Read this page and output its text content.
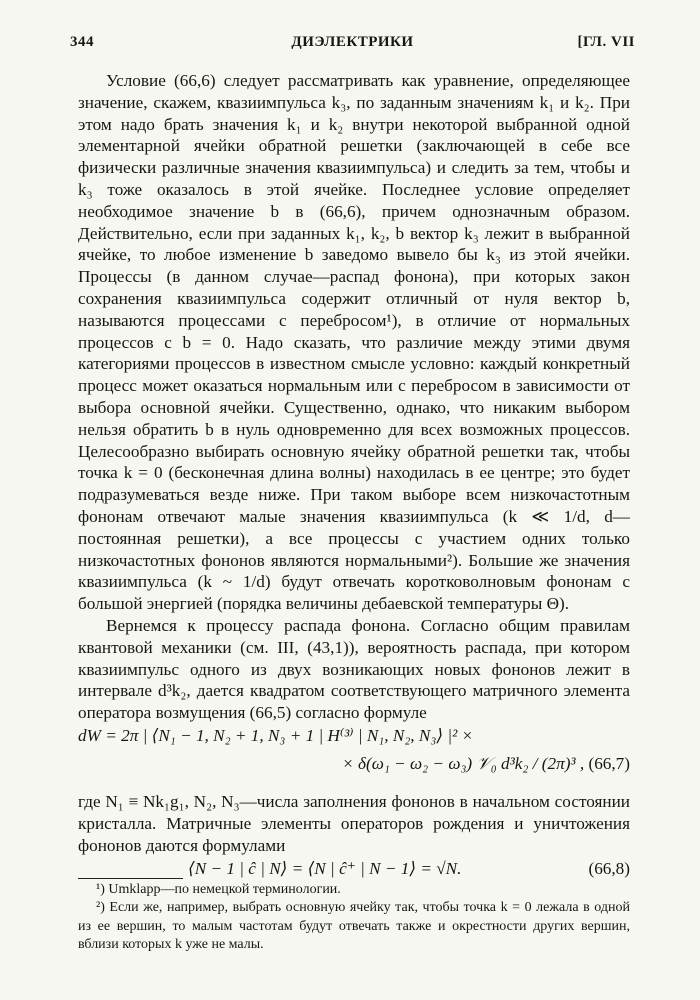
344	ДИЭЛЕКТРИКИ	[ГЛ. VII

Условие (66,6) следует рассматривать как уравнение, определяющее значение, скажем, квазиимпульса k₃, по заданным значениям k₁ и k₂. При этом надо брать значения k₁ и k₂ внутри некоторой выбранной одной элементарной ячейки обратной решетки (заключающей в себе все физически различные значения квазиимпульса) и следить за тем, чтобы и k₃ тоже оказалось в этой ячейке. Последнее условие определяет необходимое значение b в (66,6), причем однозначным образом. Действительно, если при заданных k₁, k₂, b вектор k₃ лежит в выбранной ячейке, то любое изменение b заведомо вывело бы k₃ из этой ячейки. Процессы (в данном случае—распад фонона), при которых закон сохранения квазиимпульса содержит отличный от нуля вектор b, называются процессами с перебросом¹), в отличие от нормальных процессов с b = 0. Надо сказать, что различие между этими двумя категориями процессов в известном смысле условно: каждый конкретный процесс может оказаться нормальным или с перебросом в зависимости от выбора основной ячейки. Существенно, однако, что никаким выбором нельзя обратить b в нуль одновременно для всех возможных процессов. Целесообразно выбирать основную ячейку обратной решетки так, чтобы точка k = 0 (бесконечная длина волны) находилась в ее центре; это будет подразумеваться везде ниже. При таком выборе всем низкочастотным фононам отвечают малые значения квазиимпульса (k ≪ 1/d, d—постоянная решетки), а все процессы с участием одних только низкочастотных фононов являются нормальными²). Большие же значения квазиимпульса (k ~ 1/d) будут отвечать коротковолновым фононам с большой энергией (порядка величины дебаевской температуры Θ).

Вернемся к процессу распада фонона. Согласно общим правилам квантовой механики (см. III, (43,1)), вероятность распада, при котором квазиимпульс одного из двух возникающих новых фононов лежит в интервале d³k₂, дается квадратом соответствующего матричного элемента оператора возмущения (66,5) согласно формуле

dW = 2π | ⟨N₁ − 1, N₂ + 1, N₃ + 1 | H⁽³⁾ | N₁, N₂, N₃⟩ |² ×
× δ(ω₁ − ω₂ − ω₃) 𝒱₀ d³k₂ / (2π)³ , (66,7)

где N₁ ≡ Nk₁g₁, N₂, N₃—числа заполнения фононов в начальном состоянии кристалла. Матричные элементы операторов рождения и уничтожения фононов даются формулами

⟨N − 1 | ĉ | N⟩ = ⟨N | ĉ⁺ | N − 1⟩ = √N.	(66,8)

¹) Umklapp—по немецкой терминологии.

²) Если же, например, выбрать основную ячейку так, чтобы точка k = 0 лежала в одной из ее вершин, то малым частотам будут отвечать также и окрестности других вершин, вблизи которых k уже не малы.
